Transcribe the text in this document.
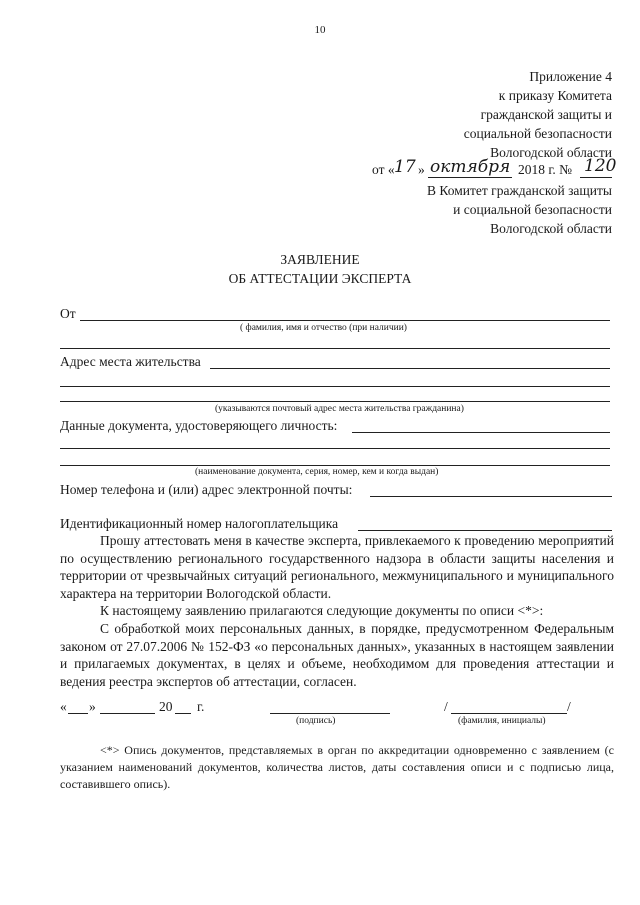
10
Приложение 4
к приказу Комитета
гражданской защиты и
социальной безопасности
Вологодской области
от « 17 » октября 2018 г. № 120
В Комитет гражданской защиты
и социальной безопасности
Вологодской области
ЗАЯВЛЕНИЕ
ОБ АТТЕСТАЦИИ ЭКСПЕРТА
От
( фамилия, имя и отчество (при наличии)
Адрес места жительства
(указываются почтовый адрес места жительства гражданина)
Данные документа, удостоверяющего личность:
(наименование документа, серия, номер, кем и когда выдан)
Номер телефона и (или) адрес электронной почты:
Идентификационный номер налогоплательщика
Прошу аттестовать меня в качестве эксперта, привлекаемого к проведению мероприятий по осуществлению регионального государственного надзора в области защиты населения и территории от чрезвычайных ситуаций регионального, межмуниципального и муниципального характера на территории Вологодской области.
К настоящему заявлению прилагаются следующие документы по описи <*>:
С обработкой моих персональных данных, в порядке, предусмотренном Федеральным законом от 27.07.2006 № 152-ФЗ «о персональных данных», указанных в настоящем заявлении и прилагаемых документах, в целях и объеме, необходимом для проведения аттестации и ведения реестра экспертов об аттестации, согласен.
« »	20 г.
(подпись)
/	/
(фамилия, инициалы)
<*> Опись документов, представляемых в орган по аккредитации одновременно с заявлением (с указанием наименований документов, количества листов, даты составления описи и с подписью лица, составившего опись).
